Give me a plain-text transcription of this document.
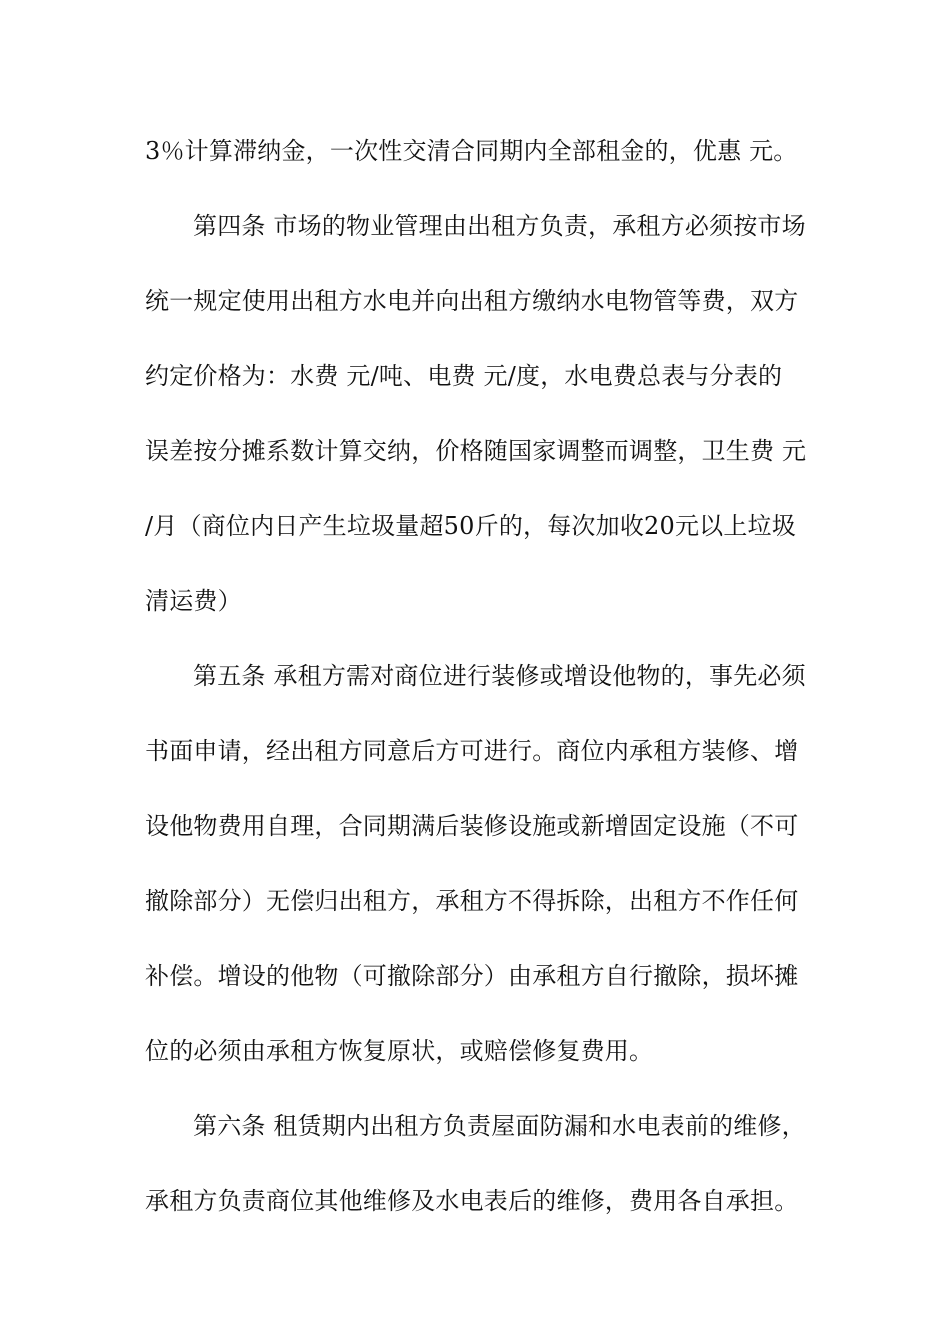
3％计算滞纳金，一次性交清合同期内全部租金的，优惠 元。
第四条 市场的物业管理由出租方负责，承租方必须按市场
统一规定使用出租方水电并向出租方缴纳水电物管等费，双方
约定价格为：水费 元/吨、电费 元/度，水电费总表与分表的
误差按分摊系数计算交纳，价格随国家调整而调整，卫生费 元
/月（商位内日产生垃圾量超50斤的，每次加收20元以上垃圾
清运费）
第五条 承租方需对商位进行装修或增设他物的，事先必须
书面申请，经出租方同意后方可进行。商位内承租方装修、增
设他物费用自理，合同期满后装修设施或新增固定设施（不可
撤除部分）无偿归出租方，承租方不得拆除，出租方不作任何
补偿。增设的他物（可撤除部分）由承租方自行撤除，损坏摊
位的必须由承租方恢复原状，或赔偿修复费用。
第六条 租赁期内出租方负责屋面防漏和水电表前的维修，
承租方负责商位其他维修及水电表后的维修，费用各自承担。
